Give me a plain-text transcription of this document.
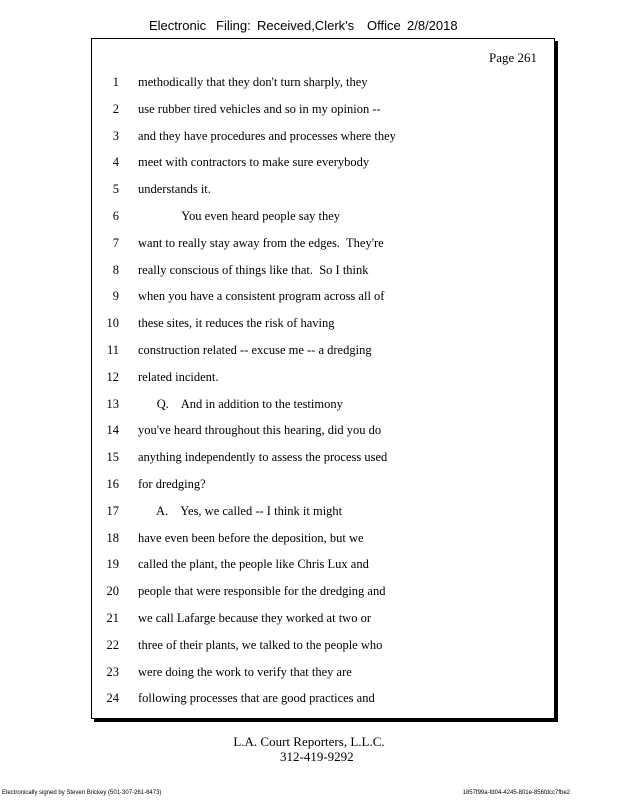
Electronic Filing: Received,Clerk's Office 2/8/2018
Page 261
1 methodically that they don't turn sharply, they
2 use rubber tired vehicles and so in my opinion --
3 and they have procedures and processes where they
4 meet with contractors to make sure everybody
5 understands it.
6 You even heard people say they
7 want to really stay away from the edges.  They're
8 really conscious of things like that.  So I think
9 when you have a consistent program across all of
10 these sites, it reduces the risk of having
11 construction related -- excuse me -- a dredging
12 related incident.
13 Q.    And in addition to the testimony
14 you've heard throughout this hearing, did you do
15 anything independently to assess the process used
16 for dredging?
17 A.    Yes, we called -- I think it might
18 have even been before the deposition, but we
19 called the plant, the people like Chris Lux and
20 people that were responsible for the dredging and
21 we call Lafarge because they worked at two or
22 three of their plants, we talked to the people who
23 were doing the work to verify that they are
24 following processes that are good practices and
L.A. Court Reporters, L.L.C.
312-419-9292
Electronically signed by Steven Brickey (501-307-261-8473)	1857f99a-fd04-4245-801e-856fdcc7fbe2
